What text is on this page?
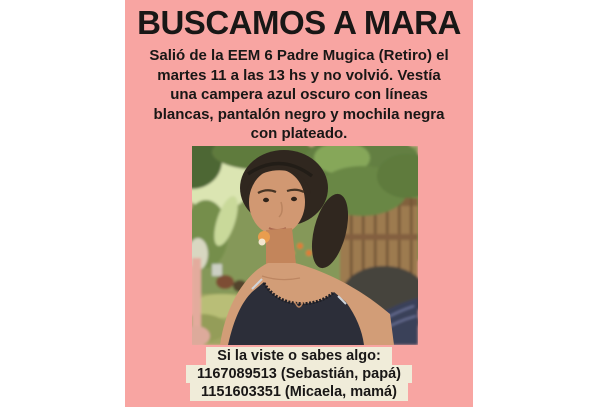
BUSCAMOS A MARA
Salió de la EEM 6 Padre Mugica (Retiro) el
martes 11 a las 13 hs y no volvió. Vestía
una campera azul oscuro con líneas
blancas, pantalón negro y mochila negra
con plateado.
Si la viste o sabes algo:
1167089513 (Sebastián, papá)
1151603351 (Micaela, mamá)
